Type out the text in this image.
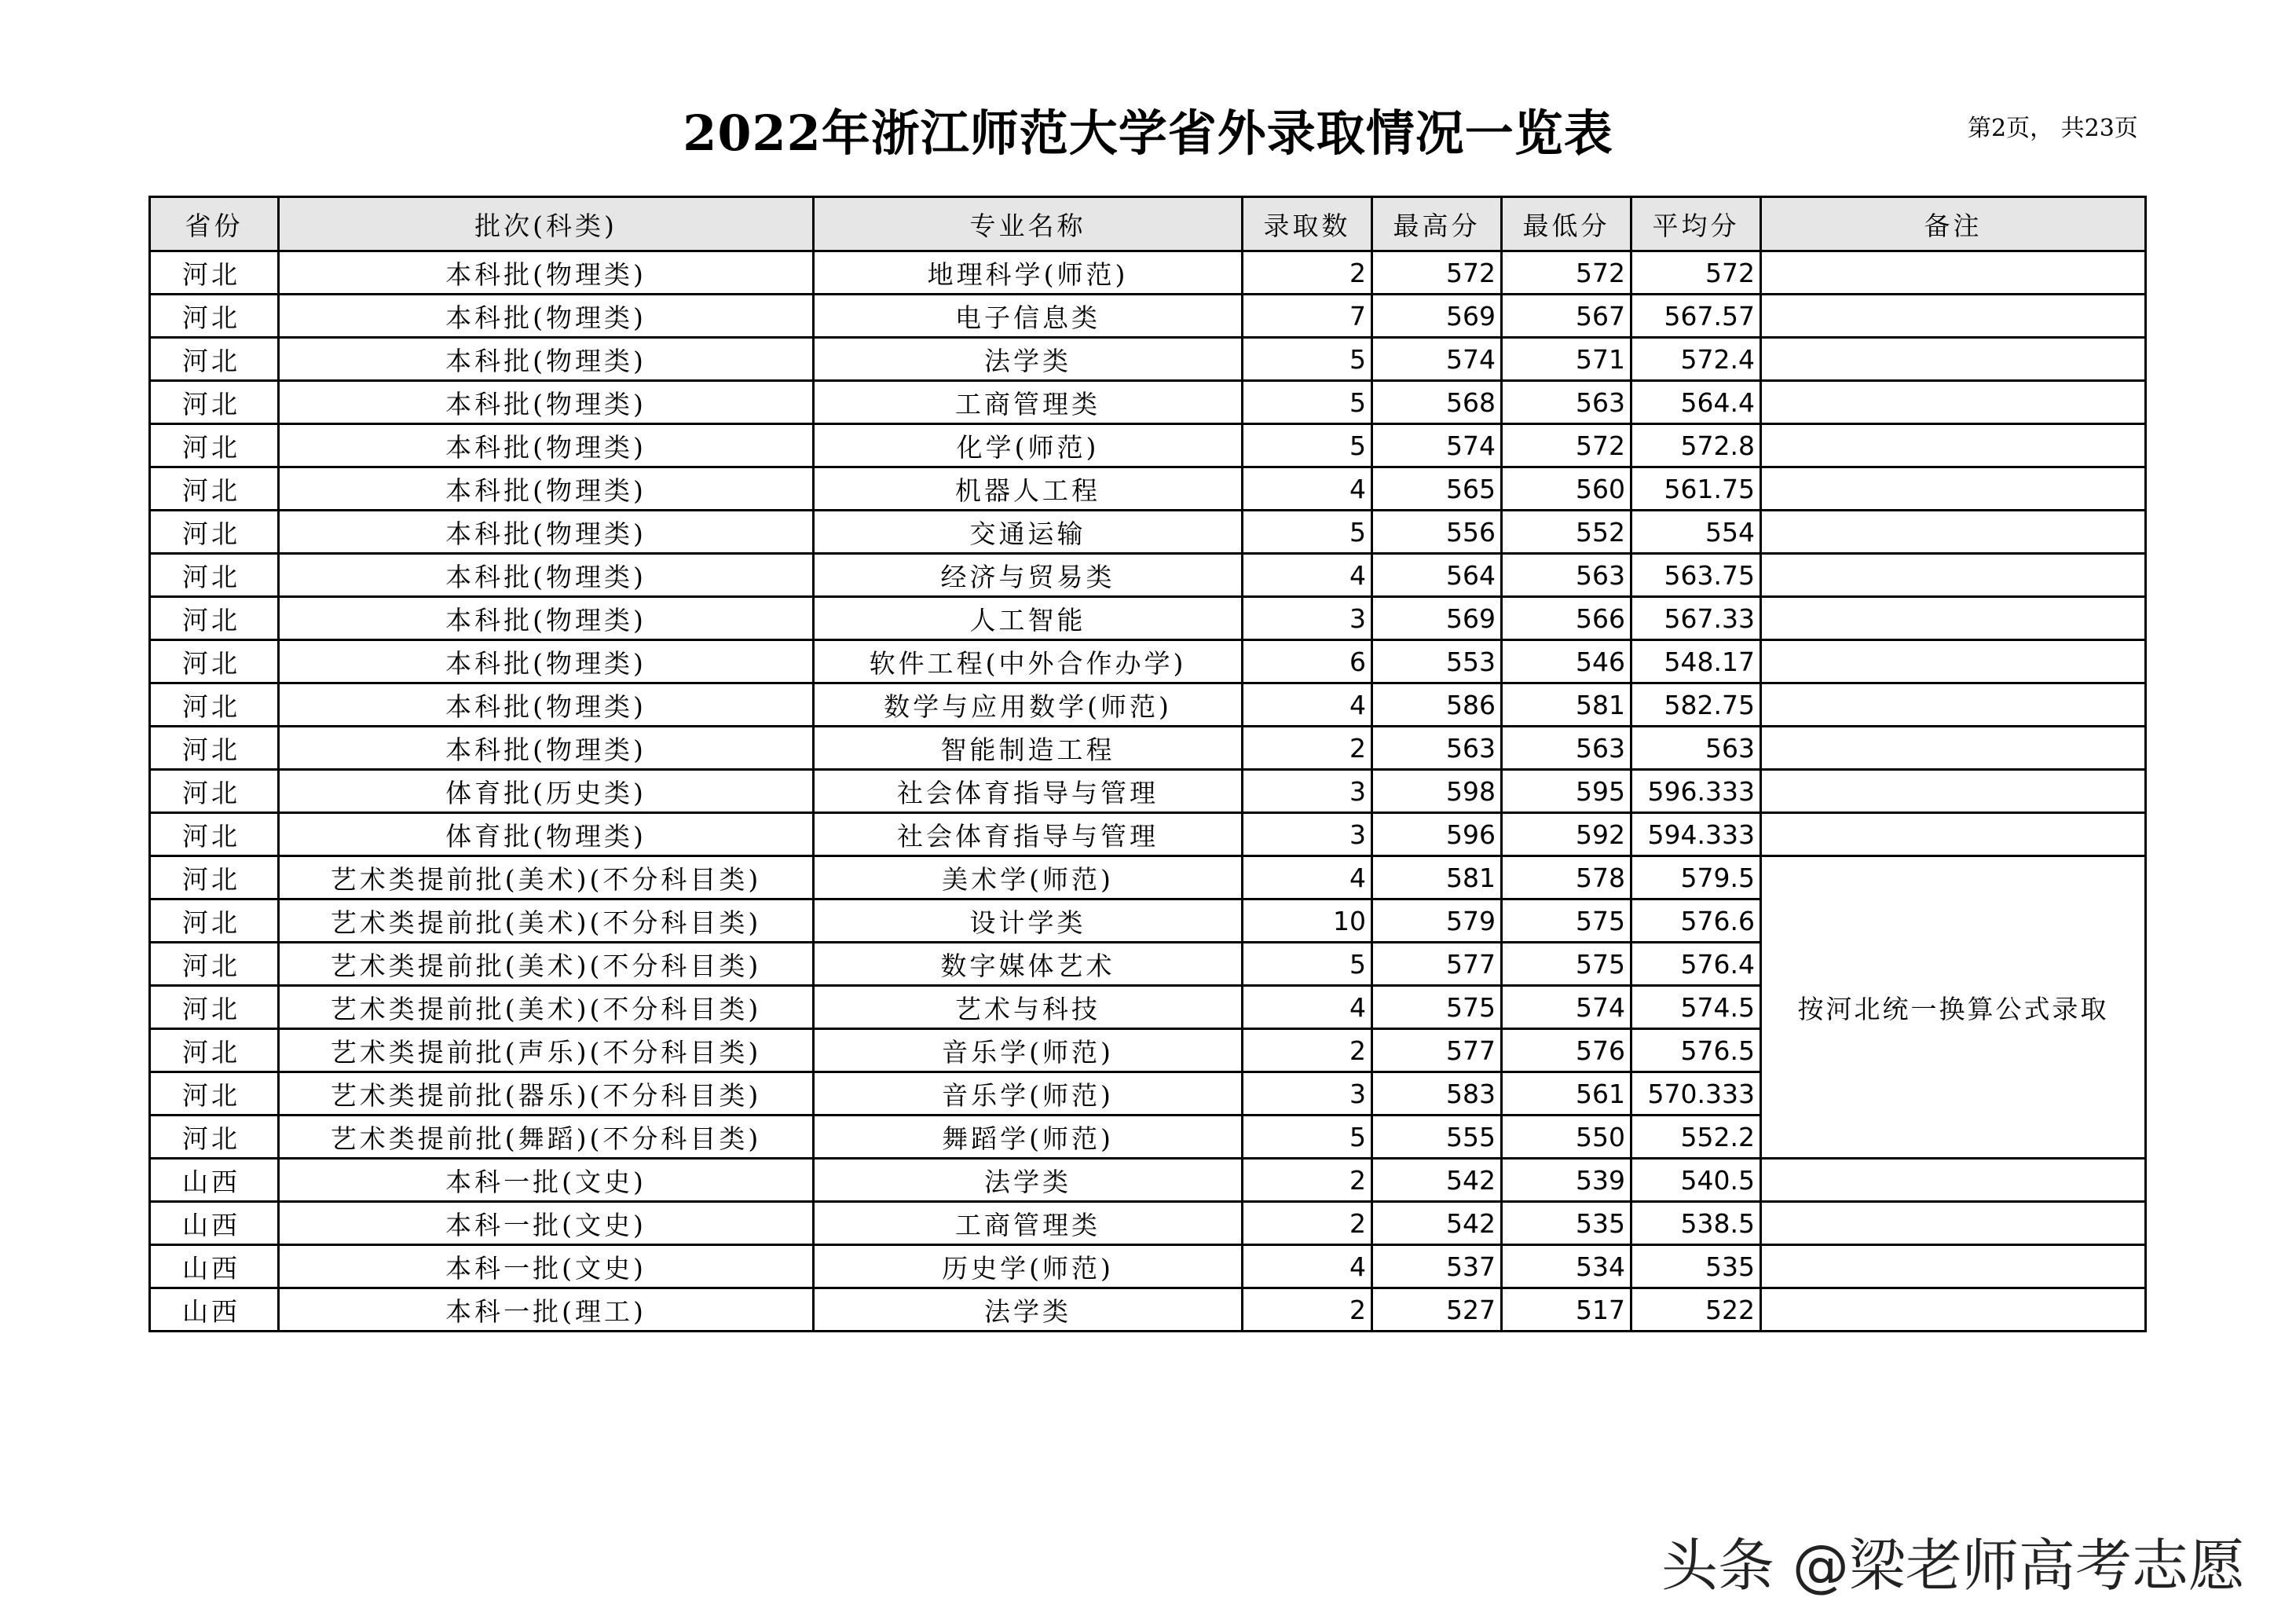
2022年浙江师范大学省外录取情况一览表	第2页， 共23页
省份	批次(科类)	专业名称	录取数	最高分	最低分	平均分	备注
河北	本科批(物理类)	地理科学(师范)	2	572	572	572	
河北	本科批(物理类)	电子信息类	7	569	567	567.57	
河北	本科批(物理类)	法学类	5	574	571	572.4	
河北	本科批(物理类)	工商管理类	5	568	563	564.4	
河北	本科批(物理类)	化学(师范)	5	574	572	572.8	
河北	本科批(物理类)	机器人工程	4	565	560	561.75	
河北	本科批(物理类)	交通运输	5	556	552	554	
河北	本科批(物理类)	经济与贸易类	4	564	563	563.75	
河北	本科批(物理类)	人工智能	3	569	566	567.33	
河北	本科批(物理类)	软件工程(中外合作办学)	6	553	546	548.17	
河北	本科批(物理类)	数学与应用数学(师范)	4	586	581	582.75	
河北	本科批(物理类)	智能制造工程	2	563	563	563	
河北	体育批(历史类)	社会体育指导与管理	3	598	595	596.333	
河北	体育批(物理类)	社会体育指导与管理	3	596	592	594.333	
河北	艺术类提前批(美术)(不分科目类)	美术学(师范)	4	581	578	579.5	按河北统一换算公式录取
河北	艺术类提前批(美术)(不分科目类)	设计学类	10	579	575	576.6	
河北	艺术类提前批(美术)(不分科目类)	数字媒体艺术	5	577	575	576.4	
河北	艺术类提前批(美术)(不分科目类)	艺术与科技	4	575	574	574.5	
河北	艺术类提前批(声乐)(不分科目类)	音乐学(师范)	2	577	576	576.5	
河北	艺术类提前批(器乐)(不分科目类)	音乐学(师范)	3	583	561	570.333	
河北	艺术类提前批(舞蹈)(不分科目类)	舞蹈学(师范)	5	555	550	552.2	
山西	本科一批(文史)	法学类	2	542	539	540.5	
山西	本科一批(文史)	工商管理类	2	542	535	538.5	
山西	本科一批(文史)	历史学(师范)	4	537	534	535	
山西	本科一批(理工)	法学类	2	527	517	522	
头条 @梁老师高考志愿
